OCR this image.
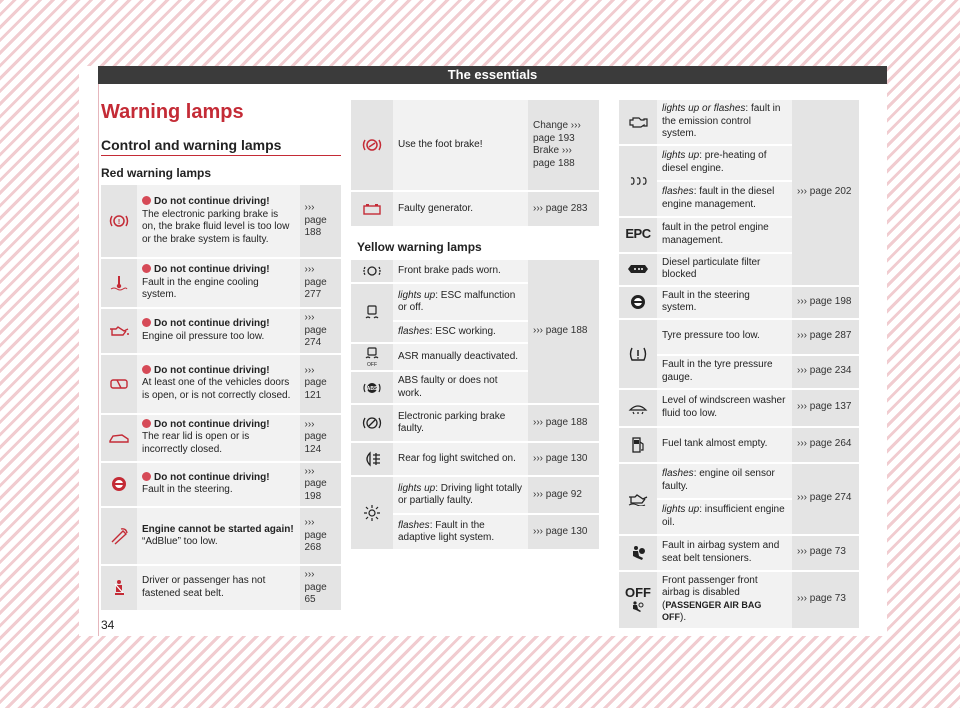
The essentials
Warning lamps
Control and warning lamps
Red warning lamps
!	Do not continue driving!
The electronic parking brake is on, the brake fluid level is too low or the brake system is faulty.	››› page 188

	Do not continue driving!
Fault in the engine cooling system.	››› page 277

	Do not continue driving!
Engine oil pressure too low.	››› page 274

	Do not continue driving!
At least one of the vehicles doors is open, or is not correctly closed.	››› page 121

	Do not continue driving!
The rear lid is open or is incorrectly closed.	››› page 124

	Do not continue driving!
Fault in the steering.	››› page 198

	Engine cannot be started again!
“AdBlue” too low.	››› page 268

	Driver or passenger has not fastened seat belt.	››› page 65
	Use the foot brake!	Change ››› page 193 Brake ››› page 188

	Faulty generator.	››› page 283
Yellow warning lamps
	Front brake pads worn.	››› page 188

	lights up: ESC malfunction or off.	
	flashes: ESC working.	

OFF	ASR manually deactivated.	

ABS	ABS faulty or does not work.	

	Electronic parking brake faulty.	››› page 188

	Rear fog light switched on.	››› page 130

	lights up: Driving light totally or partially faulty.	››› page 92
	flashes: Fault in the adaptive light system.	››› page 130
	lights up or flashes: fault in the emission control system.	››› page 202

	lights up: pre-heating of diesel engine.	
	flashes: fault in the diesel engine management.	
EPC	fault in the petrol engine management.	

	Diesel particulate filter blocked	

	Fault in the steering system.	››› page 198

	Tyre pressure too low.	››› page 287
	Fault in the tyre pressure gauge.	››› page 234

	Level of windscreen washer fluid too low.	››› page 137

	Fuel tank almost empty.	››› page 264

	flashes: engine oil sensor faulty.	››› page 274
	lights up: insufficient engine oil.	

	Fault in airbag system and seat belt tensioners.	››› page 73

OFF	Front passenger front airbag is disabled (PASSENGER AIR BAG OFF).	››› page 73
34
